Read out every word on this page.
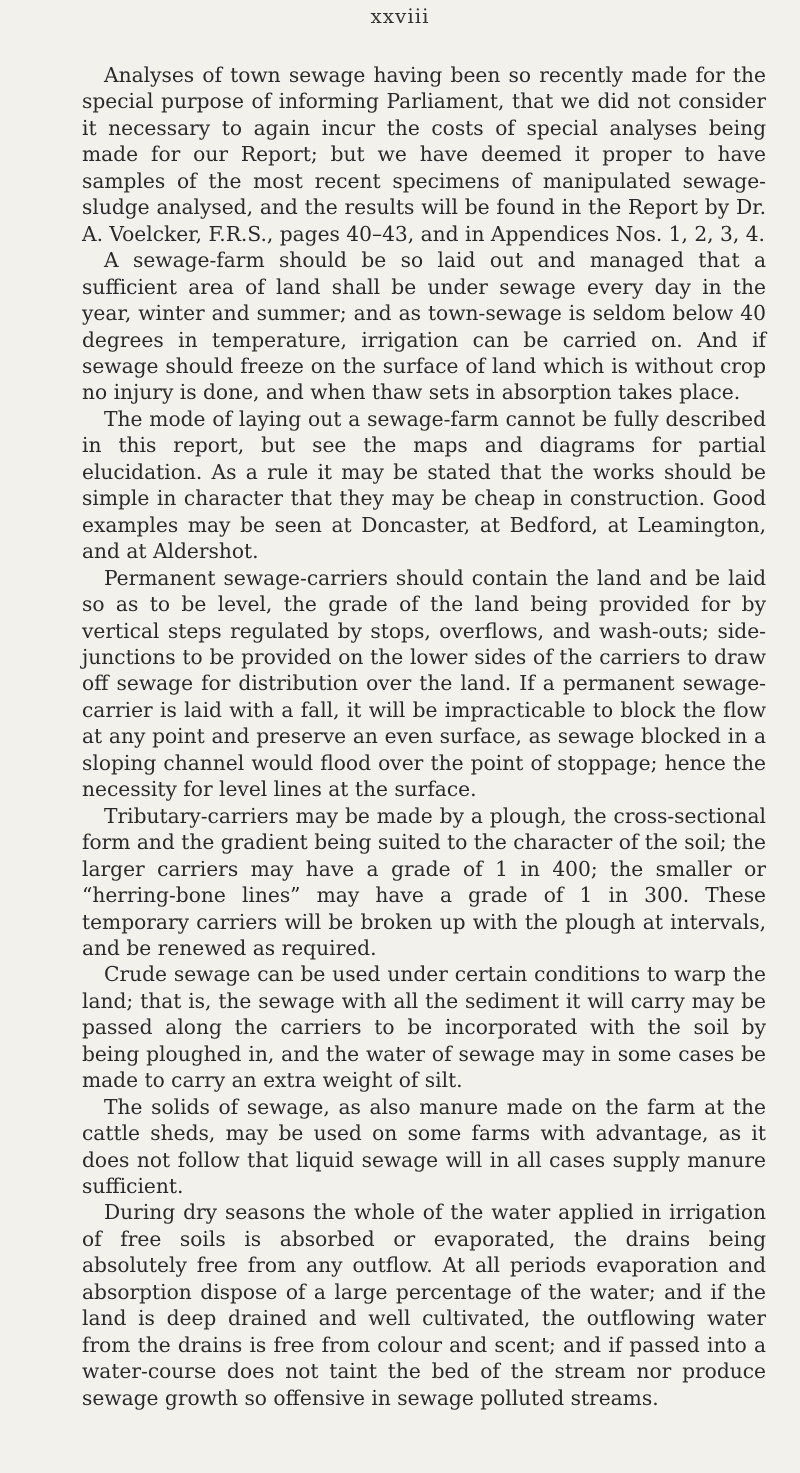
xxviii

Analyses of town sewage having been so recently made for the special purpose of informing Parliament, that we did not consider it necessary to again incur the costs of special analyses being made for our Report; but we have deemed it proper to have samples of the most recent specimens of manipulated sewage-sludge analysed, and the results will be found in the Report by Dr. A. Voelcker, F.R.S., pages 40–43, and in Appendices Nos. 1, 2, 3, 4.

A sewage-farm should be so laid out and managed that a sufficient area of land shall be under sewage every day in the year, winter and summer; and as town-sewage is seldom below 40 degrees in temperature, irrigation can be carried on. And if sewage should freeze on the surface of land which is without crop no injury is done, and when thaw sets in absorption takes place.

The mode of laying out a sewage-farm cannot be fully described in this report, but see the maps and diagrams for partial elucidation. As a rule it may be stated that the works should be simple in character that they may be cheap in construction. Good examples may be seen at Doncaster, at Bedford, at Leamington, and at Aldershot.

Permanent sewage-carriers should contain the land and be laid so as to be level, the grade of the land being provided for by vertical steps regulated by stops, overflows, and wash-outs; side-junctions to be provided on the lower sides of the carriers to draw off sewage for distribution over the land. If a permanent sewage-carrier is laid with a fall, it will be impracticable to block the flow at any point and preserve an even surface, as sewage blocked in a sloping channel would flood over the point of stoppage; hence the necessity for level lines at the surface.

Tributary-carriers may be made by a plough, the cross-sectional form and the gradient being suited to the character of the soil; the larger carriers may have a grade of 1 in 400; the smaller or “herring-bone lines” may have a grade of 1 in 300. These temporary carriers will be broken up with the plough at intervals, and be renewed as required.

Crude sewage can be used under certain conditions to warp the land; that is, the sewage with all the sediment it will carry may be passed along the carriers to be incorporated with the soil by being ploughed in, and the water of sewage may in some cases be made to carry an extra weight of silt.

The solids of sewage, as also manure made on the farm at the cattle sheds, may be used on some farms with advantage, as it does not follow that liquid sewage will in all cases supply manure sufficient.

During dry seasons the whole of the water applied in irrigation of free soils is absorbed or evaporated, the drains being absolutely free from any outflow. At all periods evaporation and absorption dispose of a large percentage of the water; and if the land is deep drained and well cultivated, the outflowing water from the drains is free from colour and scent; and if passed into a water-course does not taint the bed of the stream nor produce sewage growth so offensive in sewage polluted streams.
